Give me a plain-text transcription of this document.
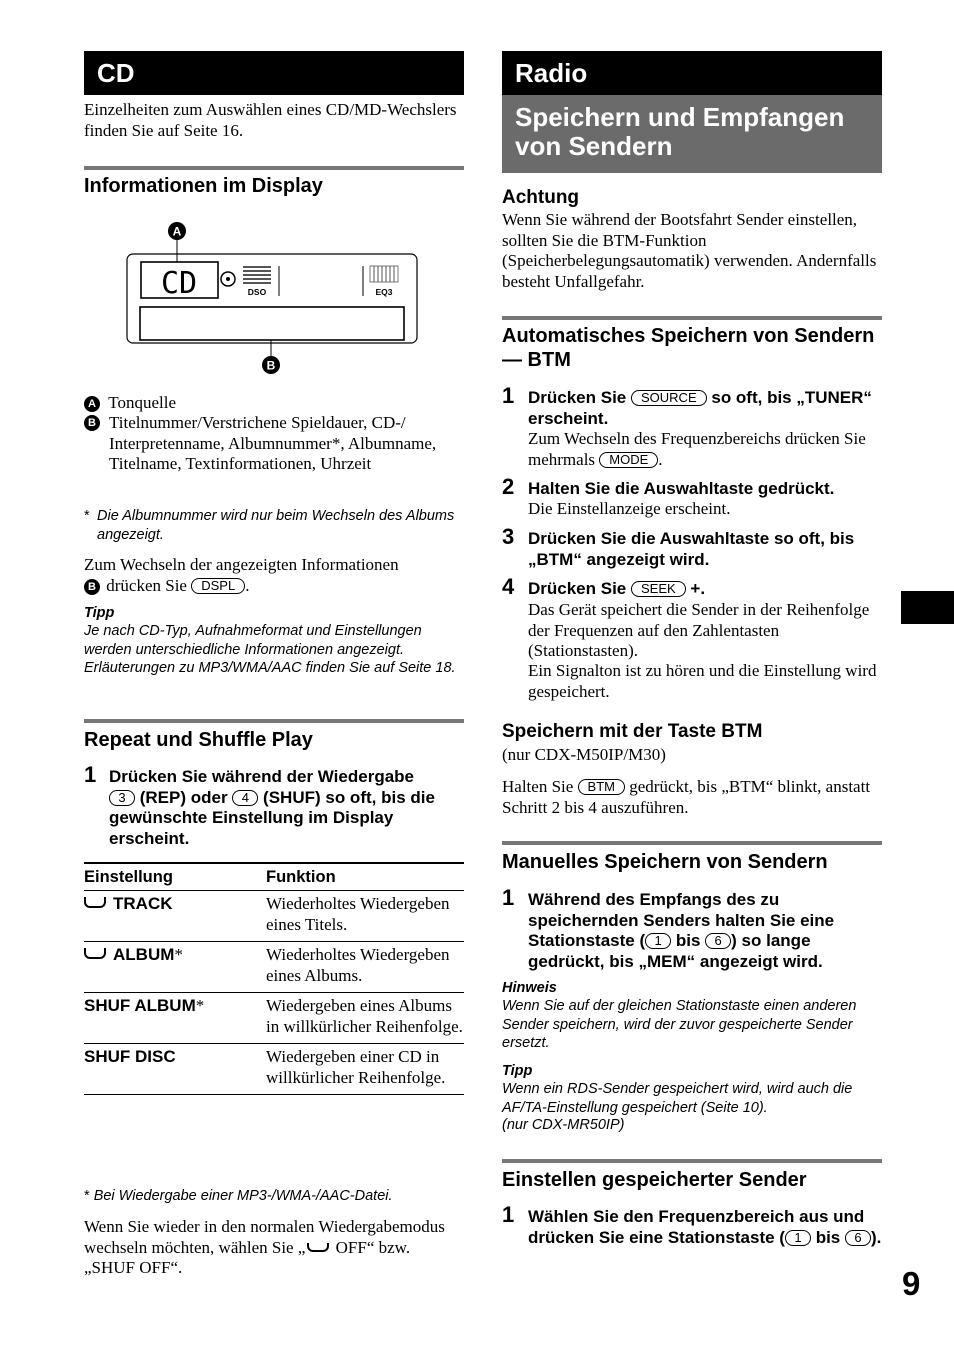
CD
Einzelheiten zum Auswählen eines CD/MD-Wechslers finden Sie auf Seite 16.
Informationen im Display
A
CD	DSO	EQ3
B
A Tonquelle
B Titelnummer/Verstrichene Spieldauer, CD-/ Interpretenname, Albumnummer*, Albumname, Titelname, Textinformationen, Uhrzeit
* Die Albumnummer wird nur beim Wechseln des Albums angezeigt.
Zum Wechseln der angezeigten Informationen
B drücken Sie DSPL .
Tipp
Je nach CD-Typ, Aufnahmeformat und Einstellungen werden unterschiedliche Informationen angezeigt. Erläuterungen zu MP3/WMA/AAC finden Sie auf Seite 18.
Repeat und Shuffle Play
1 Drücken Sie während der Wiedergabe
3 (REP) oder 4 (SHUF) so oft, bis die gewünschte Einstellung im Display erscheint.
Einstellung	Funktion
TRACK	Wiederholtes Wiedergeben eines Titels.
ALBUM*	Wiederholtes Wiedergeben eines Albums.
SHUF ALBUM*	Wiedergeben eines Albums in willkürlicher Reihenfolge.
SHUF DISC	Wiedergeben einer CD in willkürlicher Reihenfolge.
* Bei Wiedergabe einer MP3-/WMA-/AAC-Datei.
Wenn Sie wieder in den normalen Wiedergabemodus wechseln möchten, wählen Sie „ OFF“ bzw. „SHUF OFF“.
Radio
Speichern und Empfangen von Sendern
Achtung
Wenn Sie während der Bootsfahrt Sender einstellen, sollten Sie die BTM-Funktion (Speicherbelegungsautomatik) verwenden. Andernfalls besteht Unfallgefahr.
Automatisches Speichern von Sendern — BTM
1 Drücken Sie SOURCE so oft, bis „TUNER“ erscheint.
Zum Wechseln des Frequenzbereichs drücken Sie mehrmals MODE .
2 Halten Sie die Auswahltaste gedrückt.
Die Einstellanzeige erscheint.
3 Drücken Sie die Auswahltaste so oft, bis „BTM“ angezeigt wird.
4 Drücken Sie SEEK +.
Das Gerät speichert die Sender in der Reihenfolge der Frequenzen auf den Zahlentasten (Stationstasten).
Ein Signalton ist zu hören und die Einstellung wird gespeichert.
Speichern mit der Taste BTM
(nur CDX-M50IP/M30)
Halten Sie BTM gedrückt, bis „BTM“ blinkt, anstatt Schritt 2 bis 4 auszuführen.
Manuelles Speichern von Sendern
1 Während des Empfangs des zu speichernden Senders halten Sie eine Stationstaste ( 1 bis 6 ) so lange gedrückt, bis „MEM“ angezeigt wird.
Hinweis
Wenn Sie auf der gleichen Stationstaste einen anderen Sender speichern, wird der zuvor gespeicherte Sender ersetzt.
Tipp
Wenn ein RDS-Sender gespeichert wird, wird auch die AF/TA-Einstellung gespeichert (Seite 10).
(nur CDX-MR50IP)
Einstellen gespeicherter Sender
1 Wählen Sie den Frequenzbereich aus und drücken Sie eine Stationstaste ( 1 bis 6 ).
9
